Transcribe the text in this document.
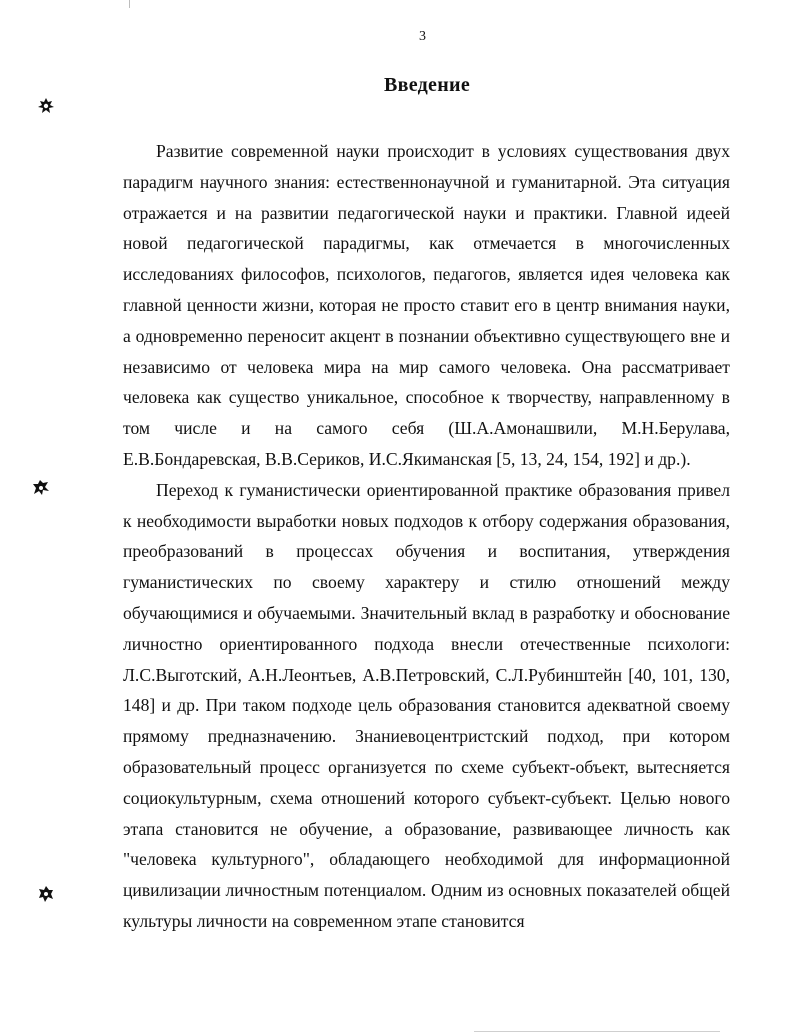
3
Введение

Развитие современной науки происходит в условиях существования двух парадигм научного знания: естественнонаучной и гуманитарной. Эта ситуация отражается и на развитии педагогической науки и практики. Главной идеей новой педагогической парадигмы, как отмечается в многочисленных исследованиях философов, психологов, педагогов, является идея человека как главной ценности жизни, которая не просто ставит его в центр внимания науки, а одновременно переносит акцент в познании объективно существующего вне и независимо от человека мира на мир самого человека. Она рассматривает человека как существо уникальное, способное к творчеству, направленному в том числе и на самого себя (Ш.А.Амонашвили, М.Н.Берулава, Е.В.Бондаревская, В.В.Сериков, И.С.Якиманская [5, 13, 24, 154, 192] и др.).

Переход к гуманистически ориентированной практике образования привел к необходимости выработки новых подходов к отбору содержания образования, преобразований в процессах обучения и воспитания, утверждения гуманистических по своему характеру и стилю отношений между обучающимися и обучаемыми. Значительный вклад в разработку и обоснование личностно ориентированного подхода внесли отечественные психологи: Л.С.Выготский, А.Н.Леонтьев, А.В.Петровский, С.Л.Рубинштейн [40, 101, 130, 148] и др. При таком подходе цель образования становится адекватной своему прямому предназначению. Знаниевоцентристский подход, при котором образовательный процесс организуется по схеме субъект-объект, вытесняется социокультурным, схема отношений которого субъект-субъект. Целью нового этапа становится не обучение, а образование, развивающее личность как "человека культурного", обладающего необходимой для информационной цивилизации личностным потенциалом. Одним из основных показателей общей культуры личности на современном этапе становится
